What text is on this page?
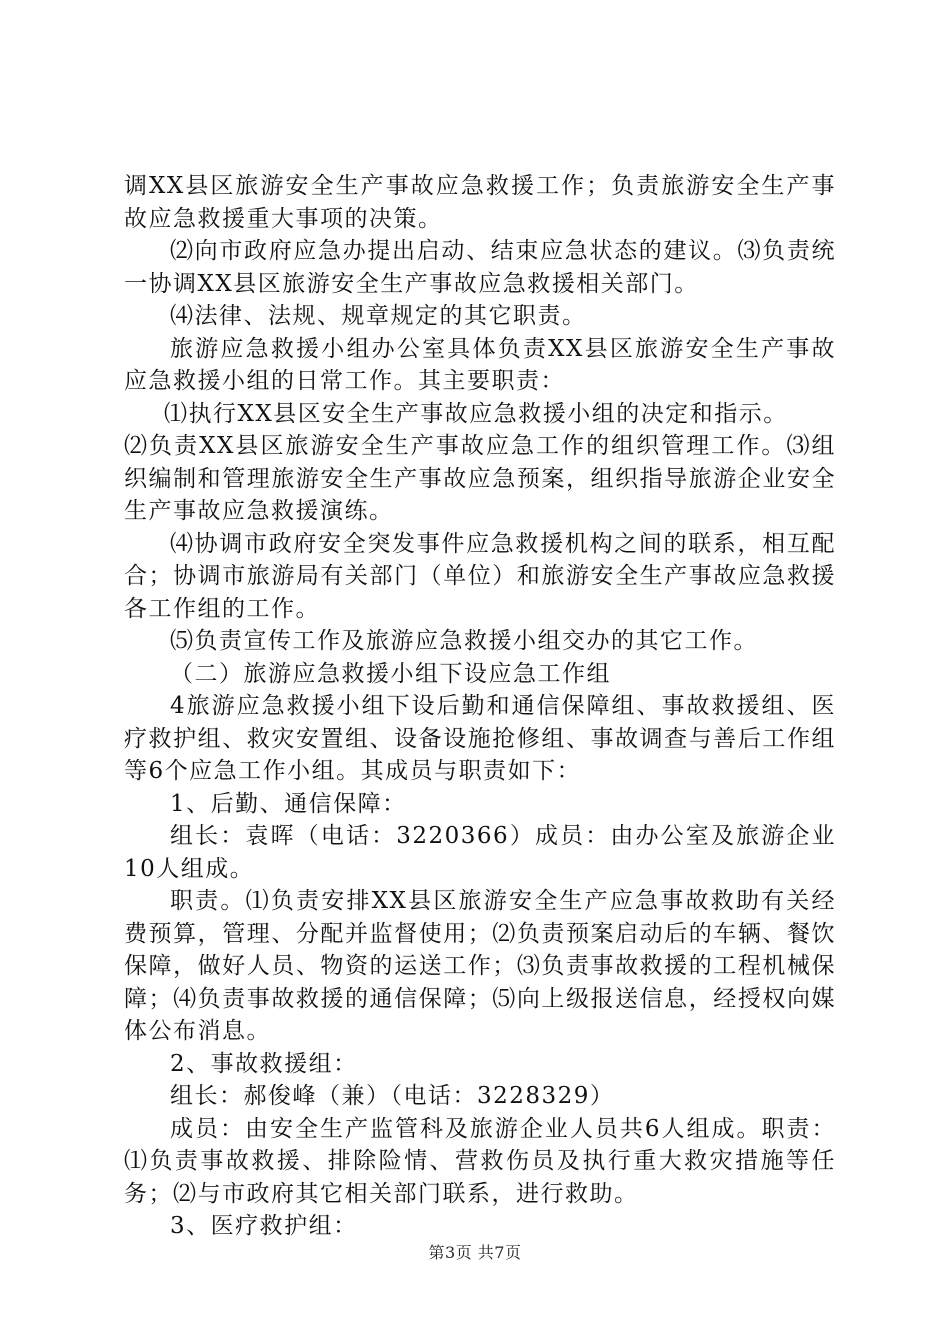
调XX县区旅游安全生产事故应急救援工作；负责旅游安全生产事故应急救援重大事项的决策。

⑵向市政府应急办提出启动、结束应急状态的建议。⑶负责统一协调XX县区旅游安全生产事故应急救援相关部门。

⑷法律、法规、规章规定的其它职责。

旅游应急救援小组办公室具体负责XX县区旅游安全生产事故应急救援小组的日常工作。其主要职责：

⑴执行XX县区安全生产事故应急救援小组的决定和指示。

⑵负责XX县区旅游安全生产事故应急工作的组织管理工作。⑶组织编制和管理旅游安全生产事故应急预案，组织指导旅游企业安全生产事故应急救援演练。

⑷协调市政府安全突发事件应急救援机构之间的联系，相互配合；协调市旅游局有关部门（单位）和旅游安全生产事故应急救援各工作组的工作。

⑸负责宣传工作及旅游应急救援小组交办的其它工作。

（二）旅游应急救援小组下设应急工作组

4旅游应急救援小组下设后勤和通信保障组、事故救援组、医疗救护组、救灾安置组、设备设施抢修组、事故调查与善后工作组等6个应急工作小组。其成员与职责如下：

1、后勤、通信保障：

组长：袁晖（电话：3220366）成员：由办公室及旅游企业10人组成。

职责。⑴负责安排XX县区旅游安全生产应急事故救助有关经费预算，管理、分配并监督使用；⑵负责预案启动后的车辆、餐饮保障，做好人员、物资的运送工作；⑶负责事故救援的工程机械保障；⑷负责事故救援的通信保障；⑸向上级报送信息，经授权向媒体公布消息。

2、事故救援组：

组长：郝俊峰（兼）（电话：3228329）

成员：由安全生产监管科及旅游企业人员共6人组成。职责：⑴负责事故救援、排除险情、营救伤员及执行重大救灾措施等任务；⑵与市政府其它相关部门联系，进行救助。

3、医疗救护组：

第3页 共7页
